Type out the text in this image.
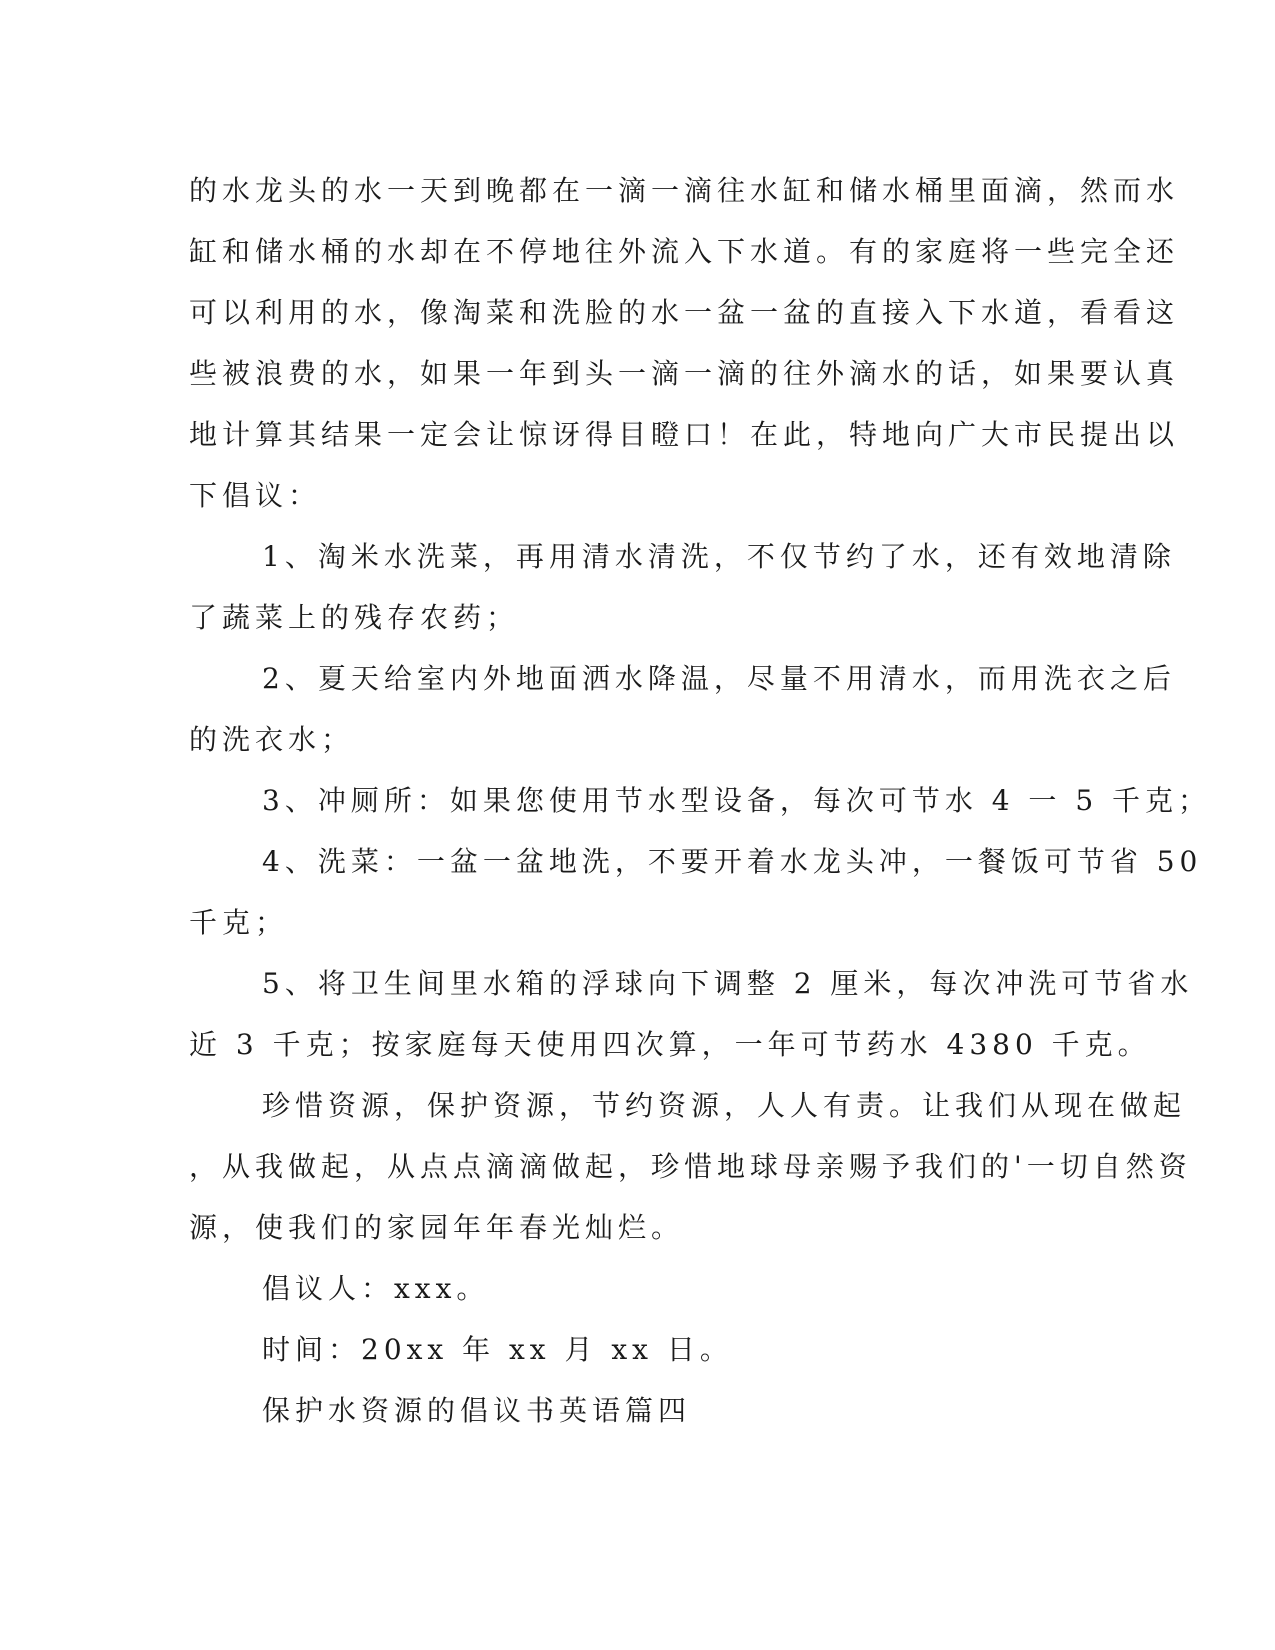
的水龙头的水一天到晚都在一滴一滴往水缸和储水桶里面滴，然而水
缸和储水桶的水却在不停地往外流入下水道。有的家庭将一些完全还
可以利用的水，像淘菜和洗脸的水一盆一盆的直接入下水道，看看这
些被浪费的水，如果一年到头一滴一滴的往外滴水的话，如果要认真
地计算其结果一定会让惊讶得目瞪口！在此，特地向广大市民提出以
下倡议：
1、淘米水洗菜，再用清水清洗，不仅节约了水，还有效地清除
了蔬菜上的残存农药；
2、夏天给室内外地面洒水降温，尽量不用清水，而用洗衣之后
的洗衣水；
3、冲厕所：如果您使用节水型设备，每次可节水 4 一 5 千克；
4、洗菜：一盆一盆地洗，不要开着水龙头冲，一餐饭可节省 50
千克；
5、将卫生间里水箱的浮球向下调整 2 厘米，每次冲洗可节省水
近 3 千克；按家庭每天使用四次算，一年可节药水 4380 千克。
珍惜资源，保护资源，节约资源，人人有责。让我们从现在做起
，从我做起，从点点滴滴做起，珍惜地球母亲赐予我们的'一切自然资
源，使我们的家园年年春光灿烂。
倡议人：xxx。
时间：20xx 年 xx 月 xx 日。
保护水资源的倡议书英语篇四
